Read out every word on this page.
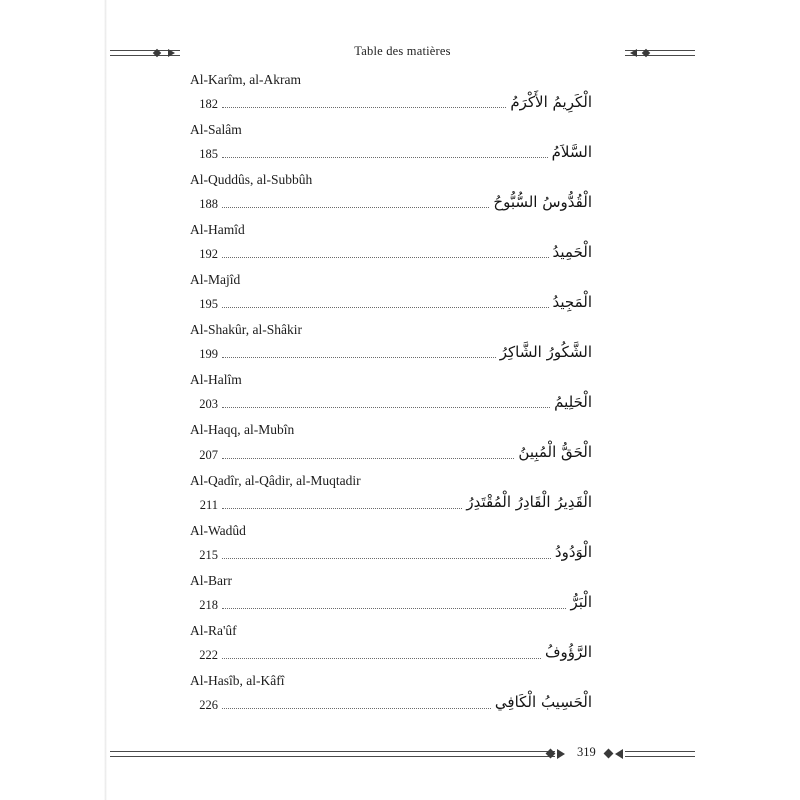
Table des matières
Al-Karîm, al-Akram
الْكَرِيمُ الأَكْرَمُ
182
Al-Salâm
السَّلاَمُ
185
Al-Quddûs, al-Subbûh
الْقُدُّوسُ السُّبُّوحُ
188
Al-Hamîd
الْحَمِيدُ
192
Al-Majîd
الْمَجِيدُ
195
Al-Shakûr, al-Shâkir
الشَّكُورُ الشَّاكِرُ
199
Al-Halîm
الْحَلِيمُ
203
Al-Haqq, al-Mubîn
الْحَقُّ الْمُبِينُ
207
Al-Qadîr, al-Qâdir, al-Muqtadir
الْقَدِيرُ الْقَادِرُ الْمُقْتَدِرُ
211
Al-Wadûd
الْوَدُودُ
215
Al-Barr
الْبَرُّ
218
Al-Ra'ûf
الرَّؤُوفُ
222
Al-Hasîb, al-Kâfî
الْحَسِيبُ الْكَافِي
226
319
